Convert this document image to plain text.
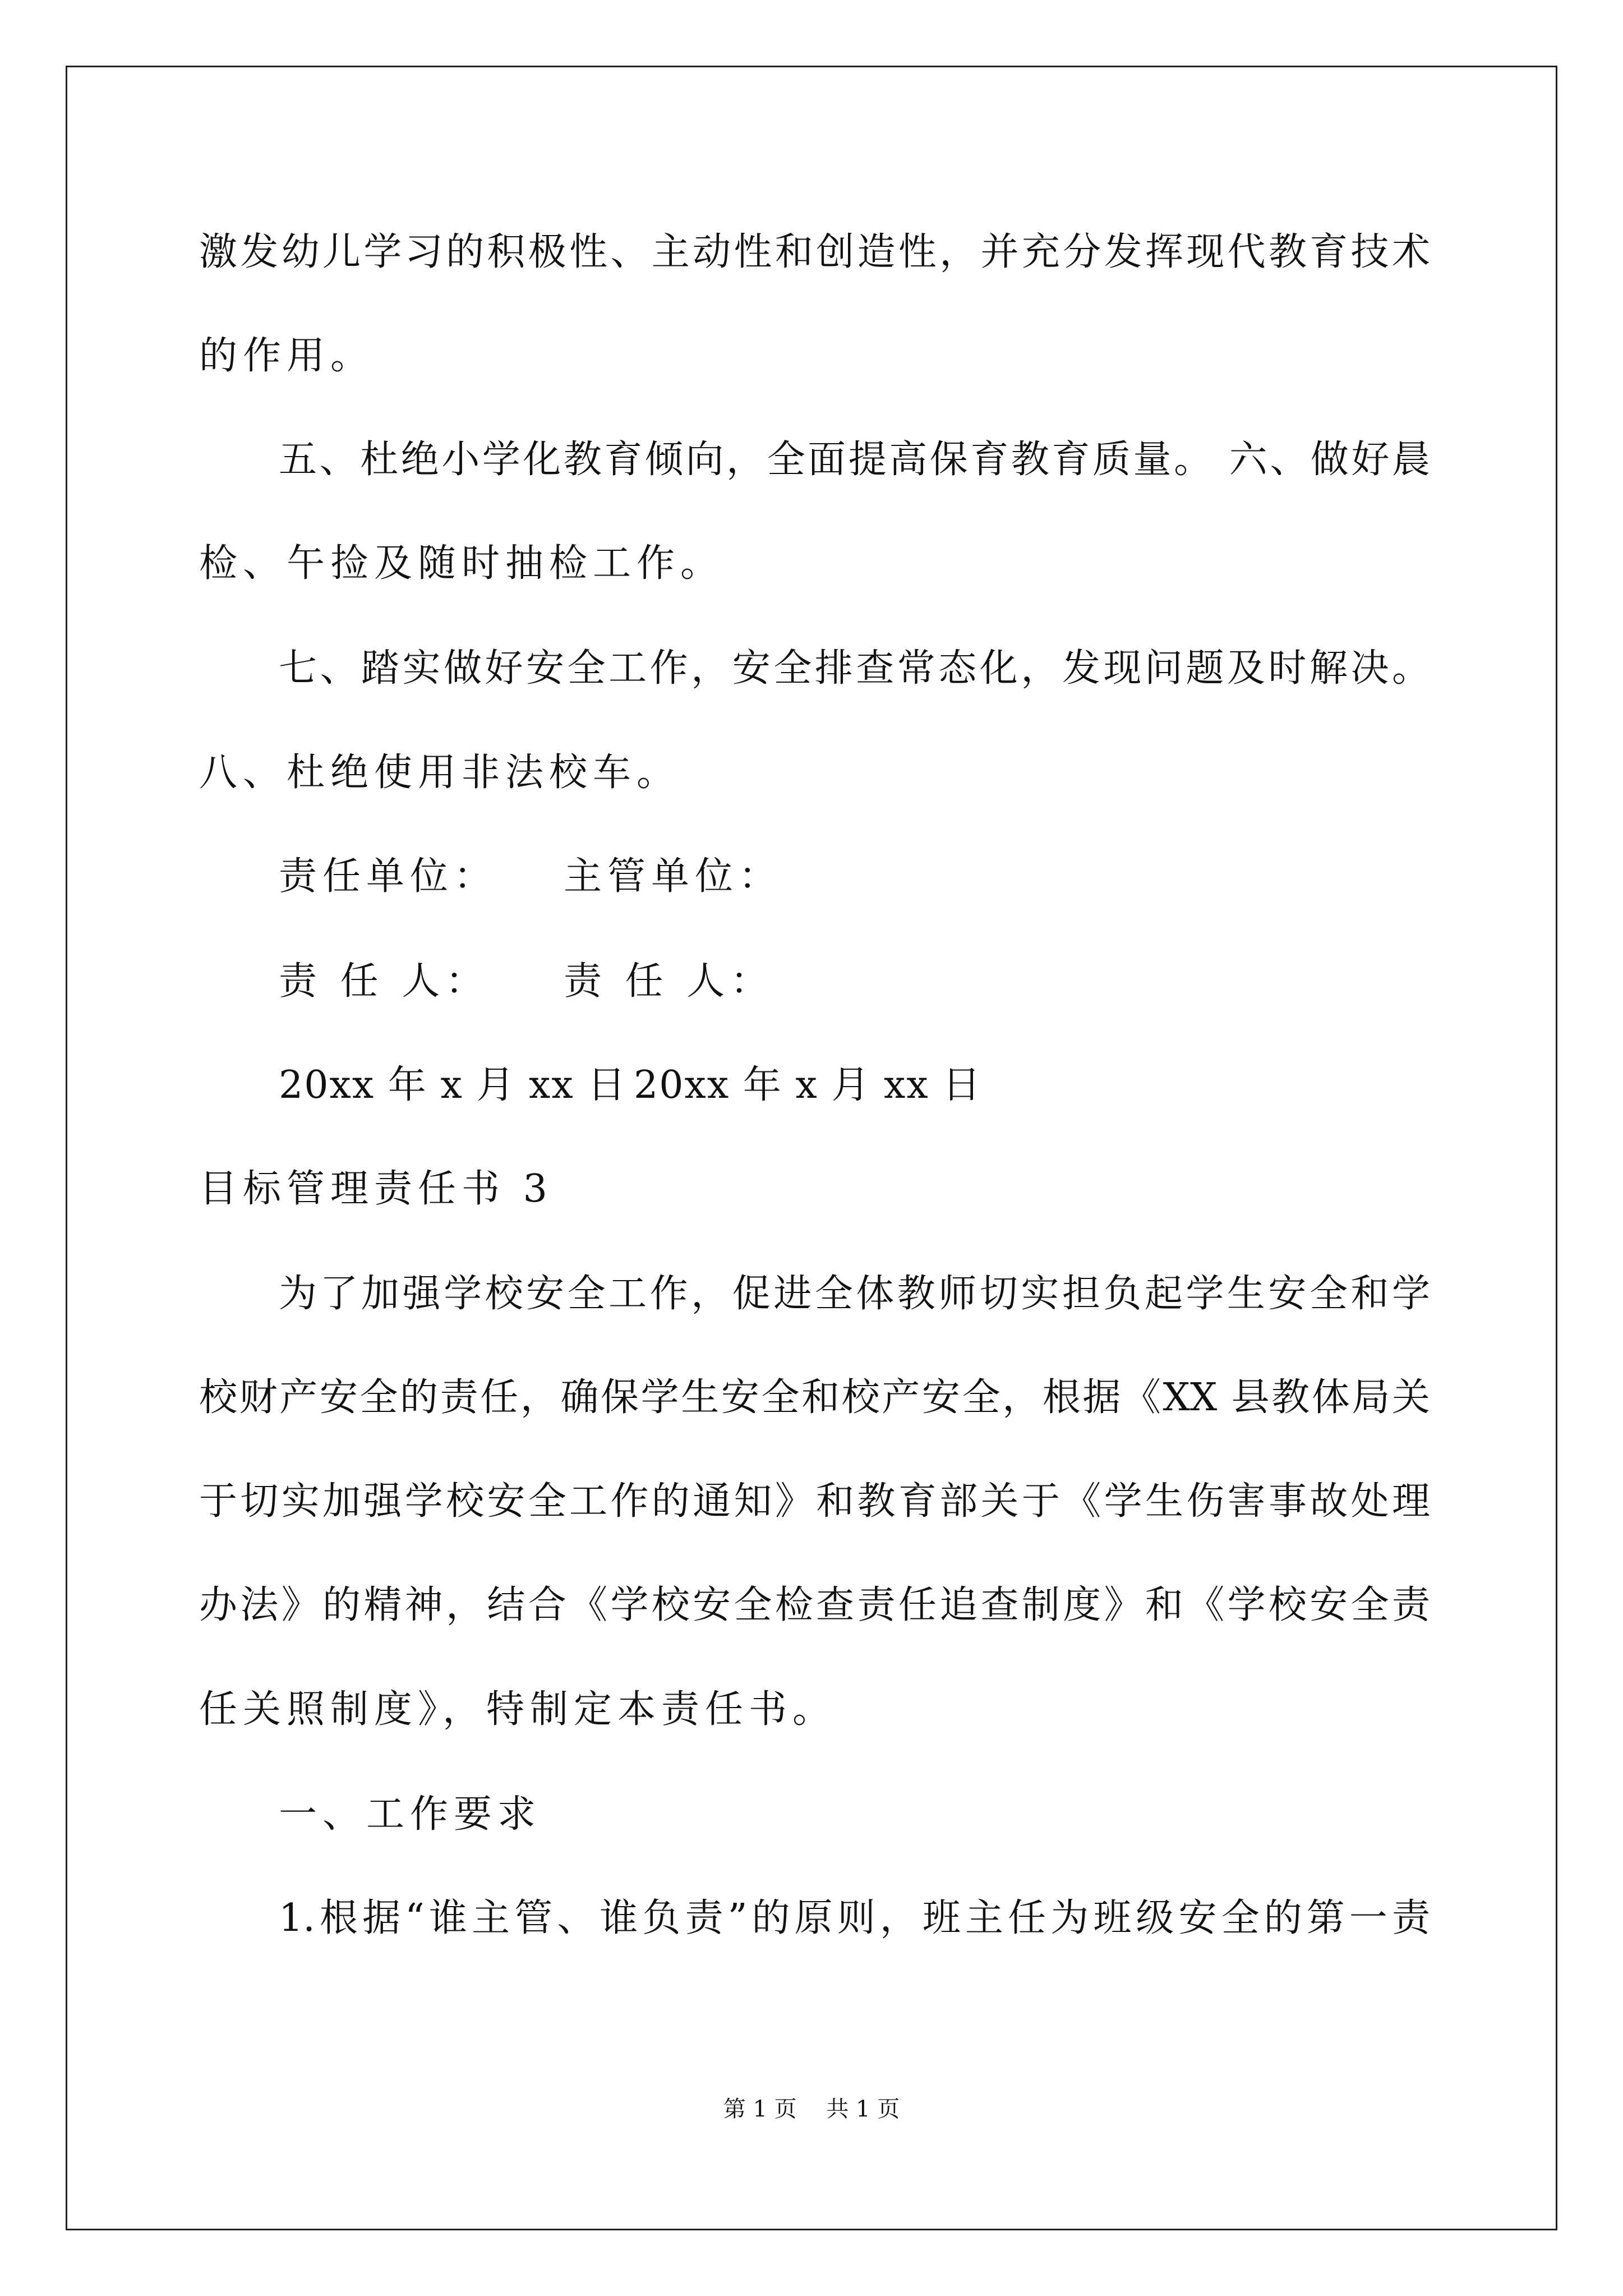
激发幼儿学习的积极性、主动性和创造性，并充分发挥现代教育技术
的作用。
五、杜绝小学化教育倾向，全面提高保育教育质量。 六、做好晨
检、午捡及随时抽检工作。
七、踏实做好安全工作，安全排查常态化，发现问题及时解决。
八、杜绝使用非法校车。
责任单位： 主管单位：
责 任 人： 责 任 人：
20xx 年 x 月 xx 日 20xx 年 x 月 xx 日
目标管理责任书 3
为了加强学校安全工作，促进全体教师切实担负起学生安全和学
校财产安全的责任，确保学生安全和校产安全，根据《XX 县教体局关
于切实加强学校安全工作的通知》和教育部关于《学生伤害事故处理
办法》的精神，结合《学校安全检查责任追查制度》和《学校安全责
任关照制度》，特制定本责任书。
一、工作要求
1.根据“谁主管、谁负责”的原则，班主任为班级安全的第一责
第 1 页 共 1 页
